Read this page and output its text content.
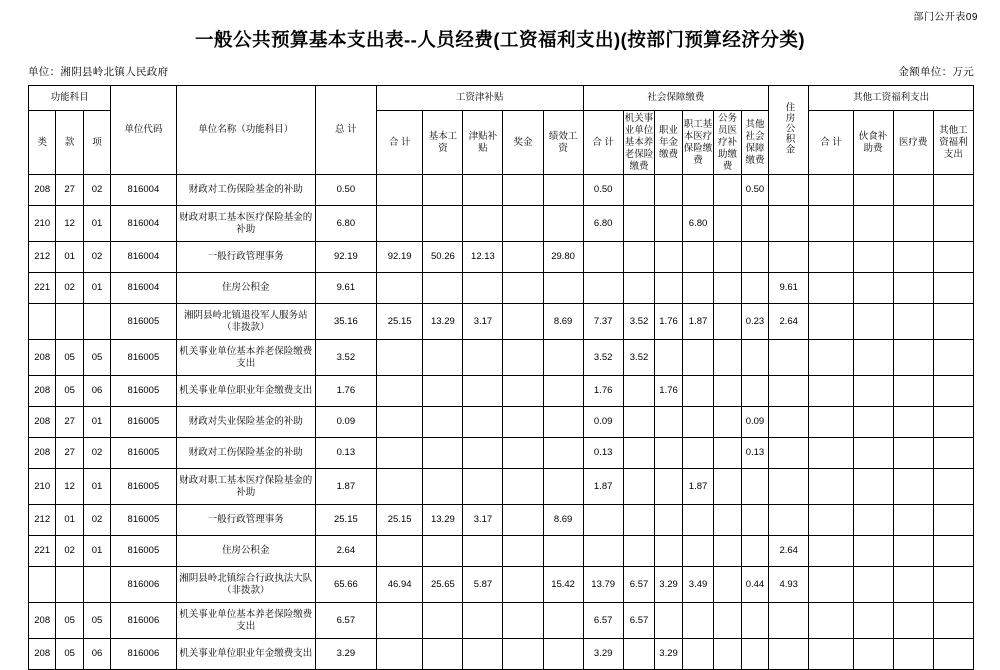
部门公开表09
一般公共预算基本支出表--人员经费(工资福利支出)(按部门预算经济分类)
单位：湘阴县岭北镇人民政府	金额单位：万元
功能科目			单位代码	单位名称（功能科目）	总 计	工资津补贴					社会保障缴费						住房公积金	其他工资福利支出			
类	款	项				合 计	基本工资	津贴补贴	奖金	绩效工资	合 计	机关事业单位基本养老保险缴费	职业年金缴费	职工基本医疗保险缴费	公务员医疗补助缴费	其他社会保障缴费		合 计	伙食补助费	医疗费	其他工资福利支出
208	27	02	816004	财政对工伤保险基金的补助	0.50						0.50					0.50					
210	12	01	816004	财政对职工基本医疗保险基金的补助	6.80						6.80			6.80							
212	01	02	816004	一般行政管理事务	92.19	92.19	50.26	12.13		29.80											
221	02	01	816004	住房公积金	9.61												9.61				
			816005	湘阴县岭北镇退役军人服务站（非拨款）	35.16	25.15	13.29	3.17		8.69	7.37	3.52	1.76	1.87		0.23	2.64				
208	05	05	816005	机关事业单位基本养老保险缴费支出	3.52						3.52	3.52									
208	05	06	816005	机关事业单位职业年金缴费支出	1.76						1.76		1.76								
208	27	01	816005	财政对失业保险基金的补助	0.09						0.09					0.09					
208	27	02	816005	财政对工伤保险基金的补助	0.13						0.13					0.13					
210	12	01	816005	财政对职工基本医疗保险基金的补助	1.87						1.87			1.87							
212	01	02	816005	一般行政管理事务	25.15	25.15	13.29	3.17		8.69											
221	02	01	816005	住房公积金	2.64												2.64				
			816006	湘阴县岭北镇综合行政执法大队（非拨款）	65.66	46.94	25.65	5.87		15.42	13.79	6.57	3.29	3.49		0.44	4.93				
208	05	05	816006	机关事业单位基本养老保险缴费支出	6.57						6.57	6.57									
208	05	06	816006	机关事业单位职业年金缴费支出	3.29						3.29		3.29								
